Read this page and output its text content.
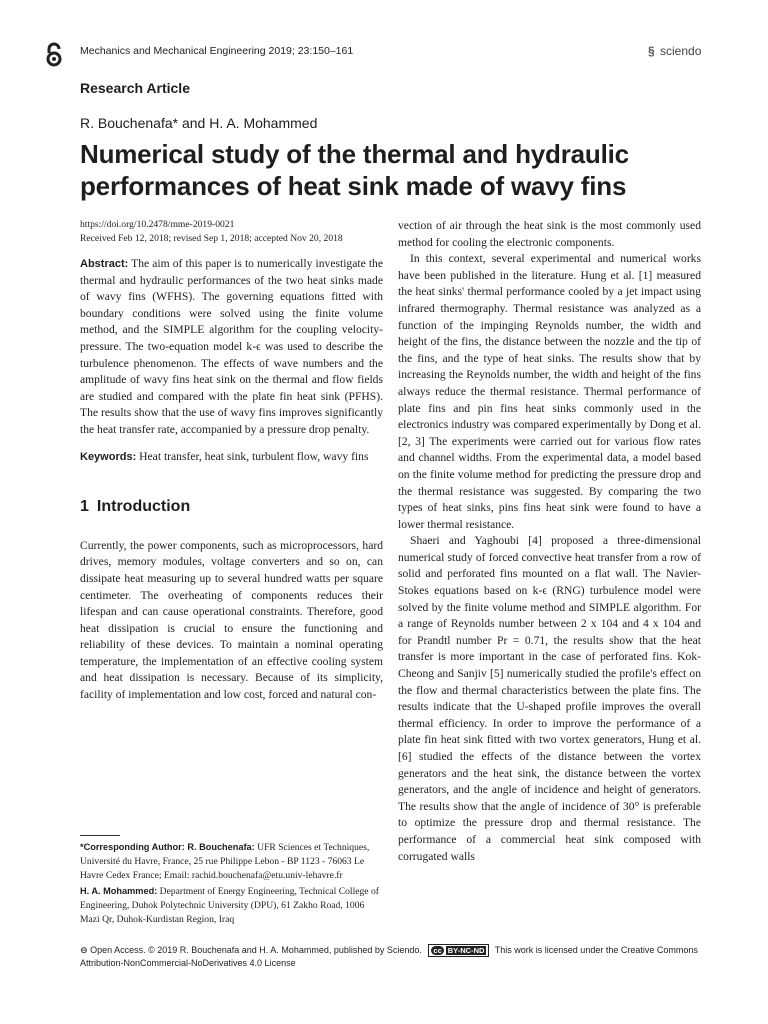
Mechanics and Mechanical Engineering 2019; 23:150–161	§ sciendo
Research Article
R. Bouchenafa* and H. A. Mohammed
Numerical study of the thermal and hydraulic performances of heat sink made of wavy fins
https://doi.org/10.2478/mme-2019-0021
Received Feb 12, 2018; revised Sep 1, 2018; accepted Nov 20, 2018

Abstract: The aim of this paper is to numerically investigate the thermal and hydraulic performances of the two heat sinks made of wavy fins (WFHS). The governing equations fitted with boundary conditions were solved using the finite volume method, and the SIMPLE algorithm for the coupling velocity-pressure. The two-equation model k-ϵ was used to describe the turbulence phenomenon. The effects of wave numbers and the amplitude of wavy fins heat sink on the thermal and flow fields are studied and compared with the plate fin heat sink (PFHS). The results show that the use of wavy fins improves significantly the heat transfer rate, accompanied by a pressure drop penalty.

Keywords: Heat transfer, heat sink, turbulent flow, wavy fins

1 Introduction

Currently, the power components, such as microprocessors, hard drives, memory modules, voltage converters and so on, can dissipate heat measuring up to several hundred watts per square centimeter. The overheating of components reduces their lifespan and can cause operational constraints. Therefore, good heat dissipation is crucial to ensure the functioning and reliability of these devices. To maintain a nominal operating temperature, the implementation of an effective cooling system and heat dissipation is necessary. Because of its simplicity, facility of implementation and low cost, forced and natural con-

vection of air through the heat sink is the most commonly used method for cooling the electronic components.

In this context, several experimental and numerical works have been published in the literature. Hung et al. [1] measured the heat sinks' thermal performance cooled by a jet impact using infrared thermography. Thermal resistance was analyzed as a function of the impinging Reynolds number, the width and height of the fins, the distance between the nozzle and the tip of the fins, and the type of heat sinks. The results show that by increasing the Reynolds number, the width and height of the fins always reduce the thermal resistance. Thermal performance of plate fins and pin fins heat sinks commonly used in the electronics industry was compared experimentally by Dong et al. [2, 3] The experiments were carried out for various flow rates and channel widths. From the experimental data, a model based on the finite volume method for predicting the pressure drop and the thermal resistance was suggested. By comparing the two types of heat sinks, pins fins heat sink were found to have a lower thermal resistance.

Shaeri and Yaghoubi [4] proposed a three-dimensional numerical study of forced convective heat transfer from a row of solid and perforated fins mounted on a flat wall. The Navier-Stokes equations based on k-ϵ (RNG) turbulence model were solved by the finite volume method and SIMPLE algorithm. For a range of Reynolds number between 2 x 104 and 4 x 104 and for Prandtl number Pr = 0.71, the results show that the heat transfer is more important in the case of perforated fins. Kok-Cheong and Sanjiv [5] numerically studied the profile's effect on the flow and thermal characteristics between the plate fins. The results indicate that the U-shaped profile improves the overall thermal efficiency. In order to improve the performance of a plate fin heat sink fitted with two vortex generators, Hung et al. [6] studied the effects of the distance between the vortex generators and the heat sink, the distance between the vortex generators, and the angle of incidence and height of generators. The results show that the angle of incidence of 30° is preferable to optimize the pressure drop and thermal resistance. The performance of a commercial heat sink composed with corrugated walls

*Corresponding Author: R. Bouchenafa: UFR Sciences et Techniques, Université du Havre, France, 25 rue Philippe Lebon - BP 1123 - 76063 Le Havre Cedex France; Email: rachid.bouchenafa@etu.univ-lehavre.fr

H. A. Mohammed: Department of Energy Engineering, Technical College of Engineering, Duhok Polytechnic University (DPU), 61 Zakho Road, 1006 Mazi Qr, Duhok-Kurdistan Region, Iraq

⊖ Open Access. © 2019 R. Bouchenafa and H. A. Mohammed, published by Sciendo. cc BY-NC-ND This work is licensed under the Creative Commons Attribution-NonCommercial-NoDerivatives 4.0 License
